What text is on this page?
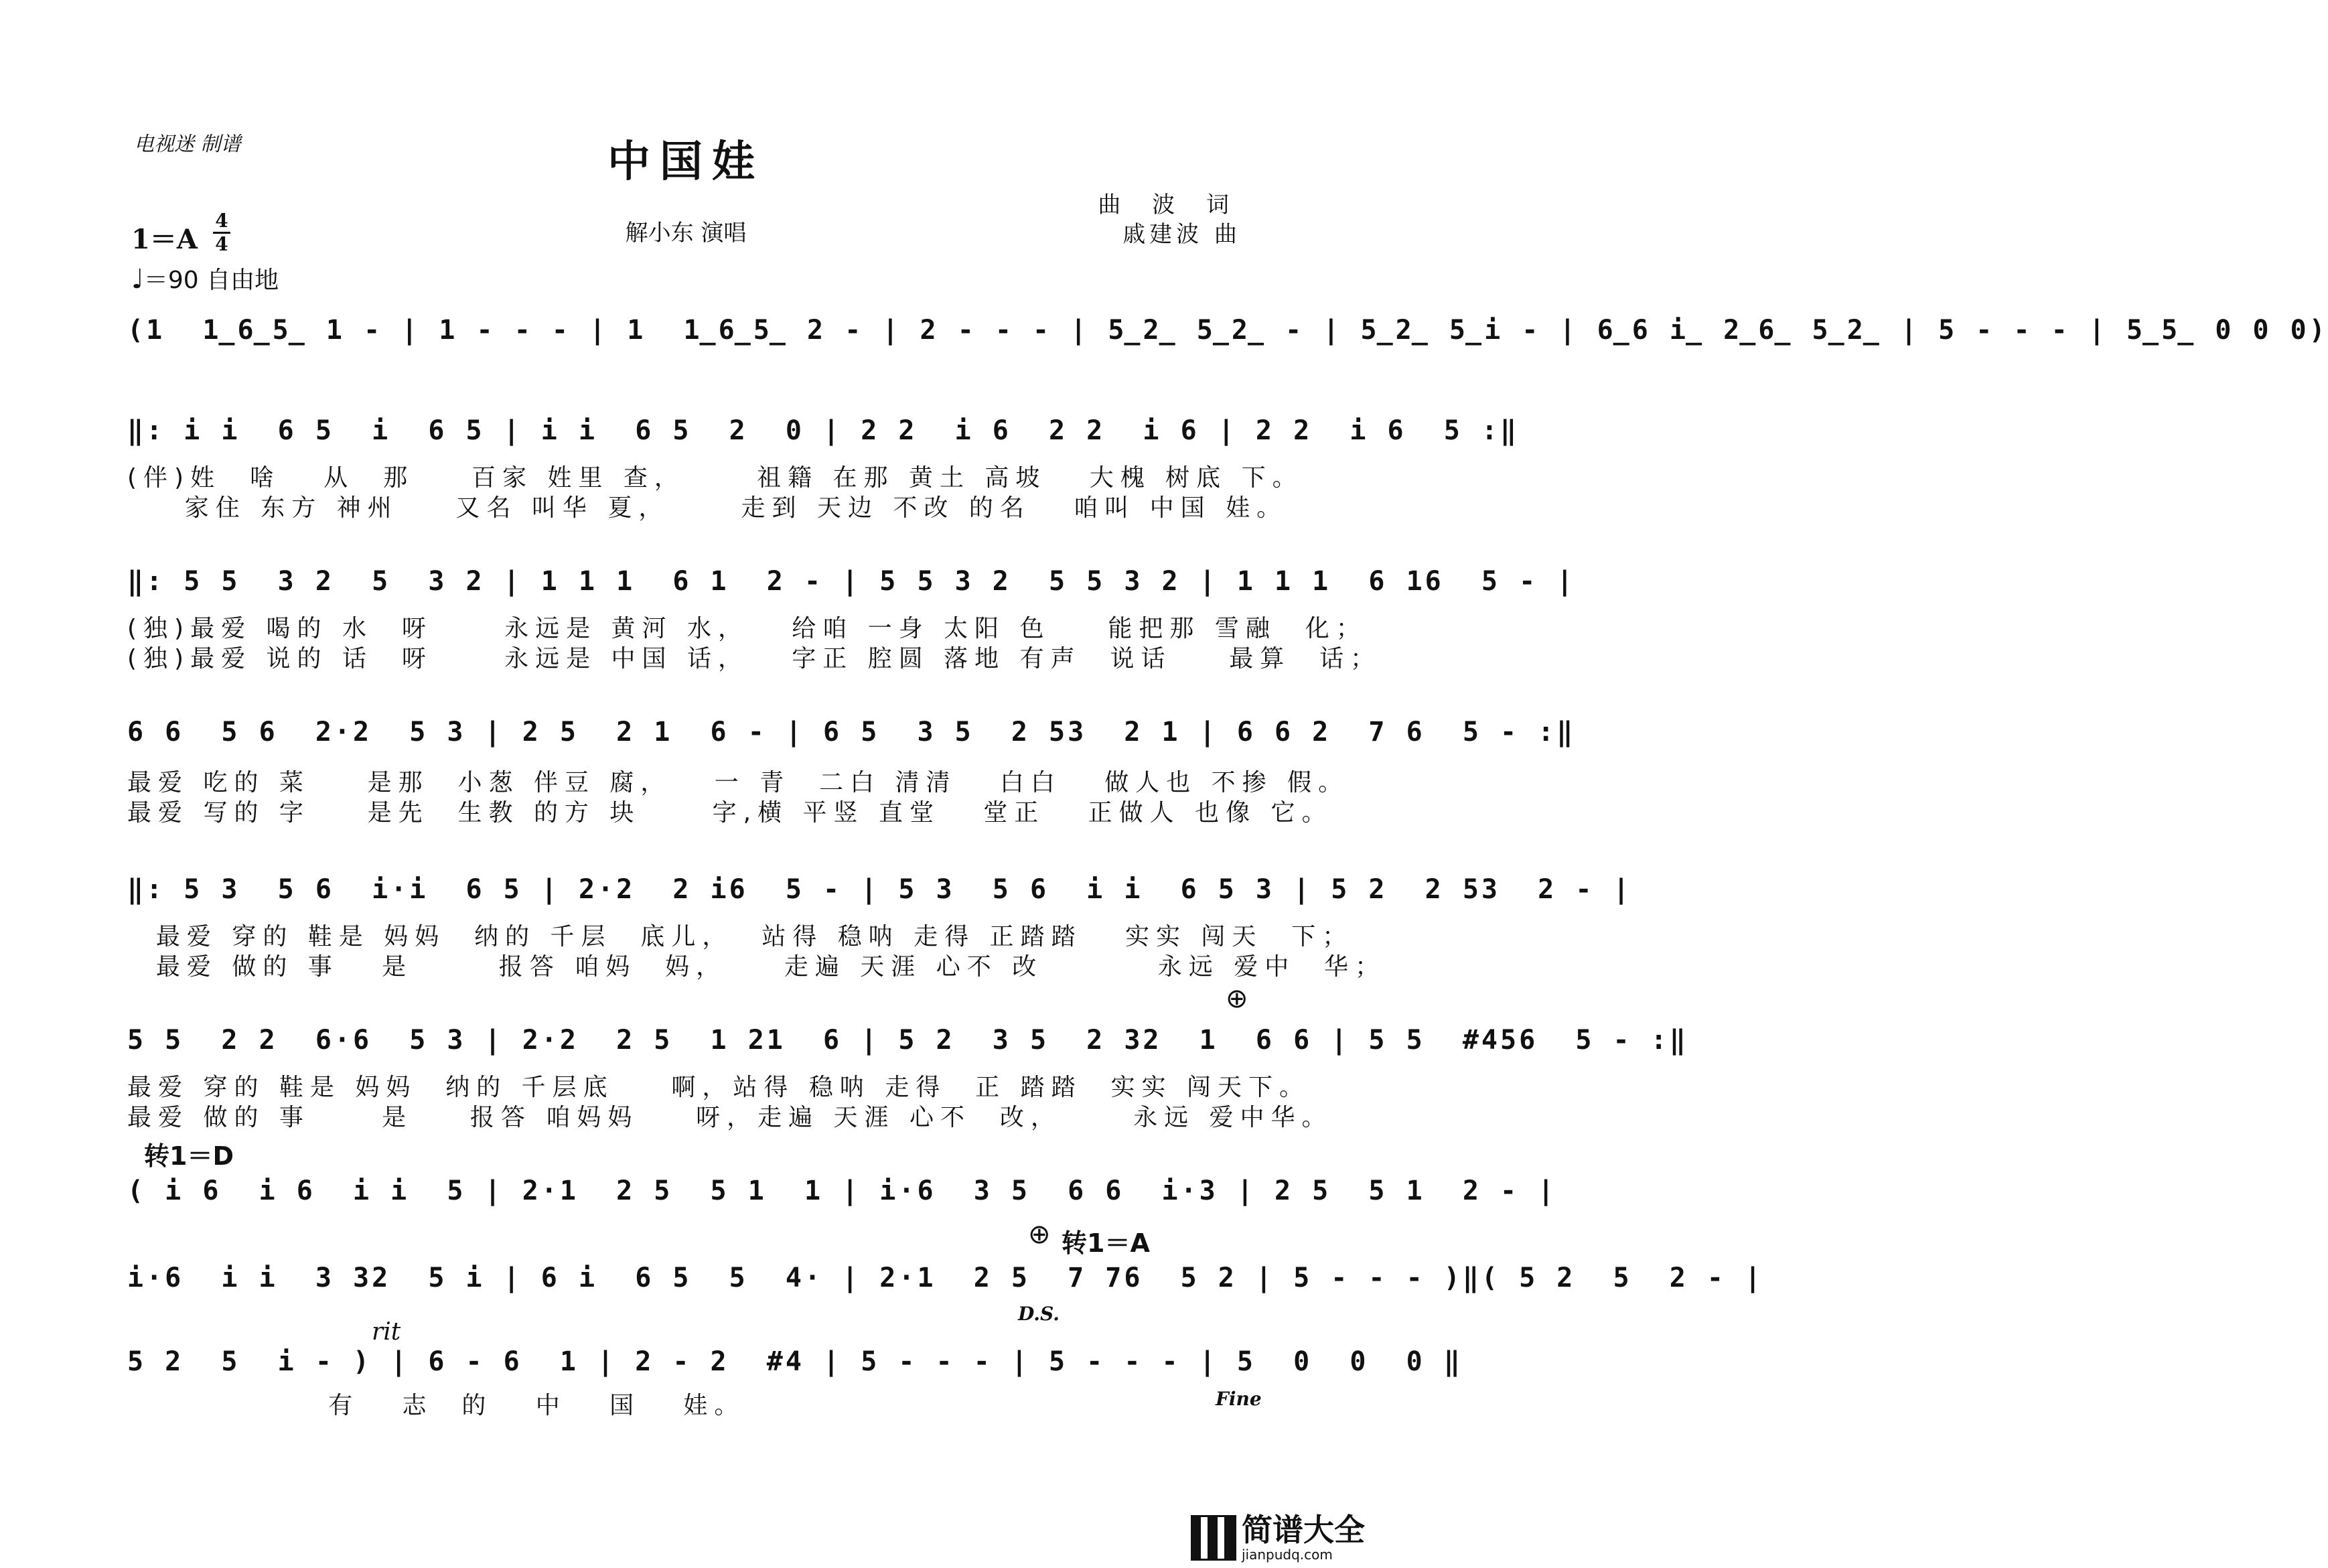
电视迷 制谱	中国娃
解小东 演唱
曲 波 词
戚建波 曲
1＝A
4
4
♩＝90 自由地
(1  1̲6̲5̲ 1 - | 1 - - - | 1  1̲6̲5̲ 2 - | 2 - - - | 5̲2̲ 5̲2̲ - | 5̲2̲ 5̲i - | 6̲6 i̲ 2̲6̲ 5̲2̲ | 5 - - - | 5̲5̲ 0 0 0)
‖: i i  6 5  i  6 5 | i i  6 5  2  0 | 2 2  i 6  2 2  i 6 | 2 2  i 6  5 :‖
(伴)姓  啥   从  那    百家 姓里 查，     祖籍 在那 黄土 高坡   大槐 树底 下。
家住 东方 神州    又名 叫华 夏，     走到 天边 不改 的名   咱叫 中国 娃。
‖: 5 5  3 2  5  3 2 | 1 1 1  6 1  2 - | 5 5 3 2  5 5 3 2 | 1 1 1  6 16  5 - |
(独)最爱 喝的 水  呀     永远是 黄河 水，   给咱 一身 太阳 色    能把那 雪融  化；
(独)最爱 说的 话  呀     永远是 中国 话，   字正 腔圆 落地 有声  说话    最算  话；
6 6  5 6  2·2  5 3 | 2 5  2 1  6 - | 6 5  3 5  2 53  2 1 | 6 6 2  7 6  5 - :‖
最爱 吃的 菜    是那  小葱 伴豆 腐，   一 青  二白 清清   白白   做人也 不掺 假。
最爱 写的 字    是先  生教 的方 块     字,横 平竖 直堂   堂正   正做人 也像 它。
‖: 5 3  5 6  i·i  6 5 | 2·2  2 i6  5 - | 5 3  5 6  i i  6 5 3 | 5 2  2 53  2 - |
最爱 穿的 鞋是 妈妈  纳的 千层  底儿，  站得 稳呐 走得 正踏踏   实实 闯天  下；
最爱 做的 事   是      报答 咱妈  妈，    走遍 天涯 心不 改        永远 爱中  华；
⊕
5 5  2 2  6·6  5 3 | 2·2  2 5  1 21  6 | 5 2  3 5  2 32  1  6 6 | 5 5  #456  5 - :‖
最爱 穿的 鞋是 妈妈  纳的 千层底    啊，站得 稳呐 走得  正 踏踏  实实 闯天下。
最爱 做的 事     是    报答 咱妈妈    呀，走遍 天涯 心不  改，     永远 爱中华。
转1＝D
( i 6  i 6  i i  5 | 2·1  2 5  5 1  1 | i·6  3 5  6 6  i·3 | 2 5  5 1  2 - |
⊕ 转1＝A
i·6  i i  3 32  5 i | 6 i  6 5  5  4· | 2·1  2 5  7 76  5 2 | 5 - - - )‖( 5 2  5  2 - |
D.S.
rit
5 2  5  i - ) | 6 - 6  1 | 2 - 2  #4 | 5 - - - | 5 - - - | 5  0  0  0 ‖
有   志  的   中   国   娃。	Fine
简谱大全
jianpudq.com
